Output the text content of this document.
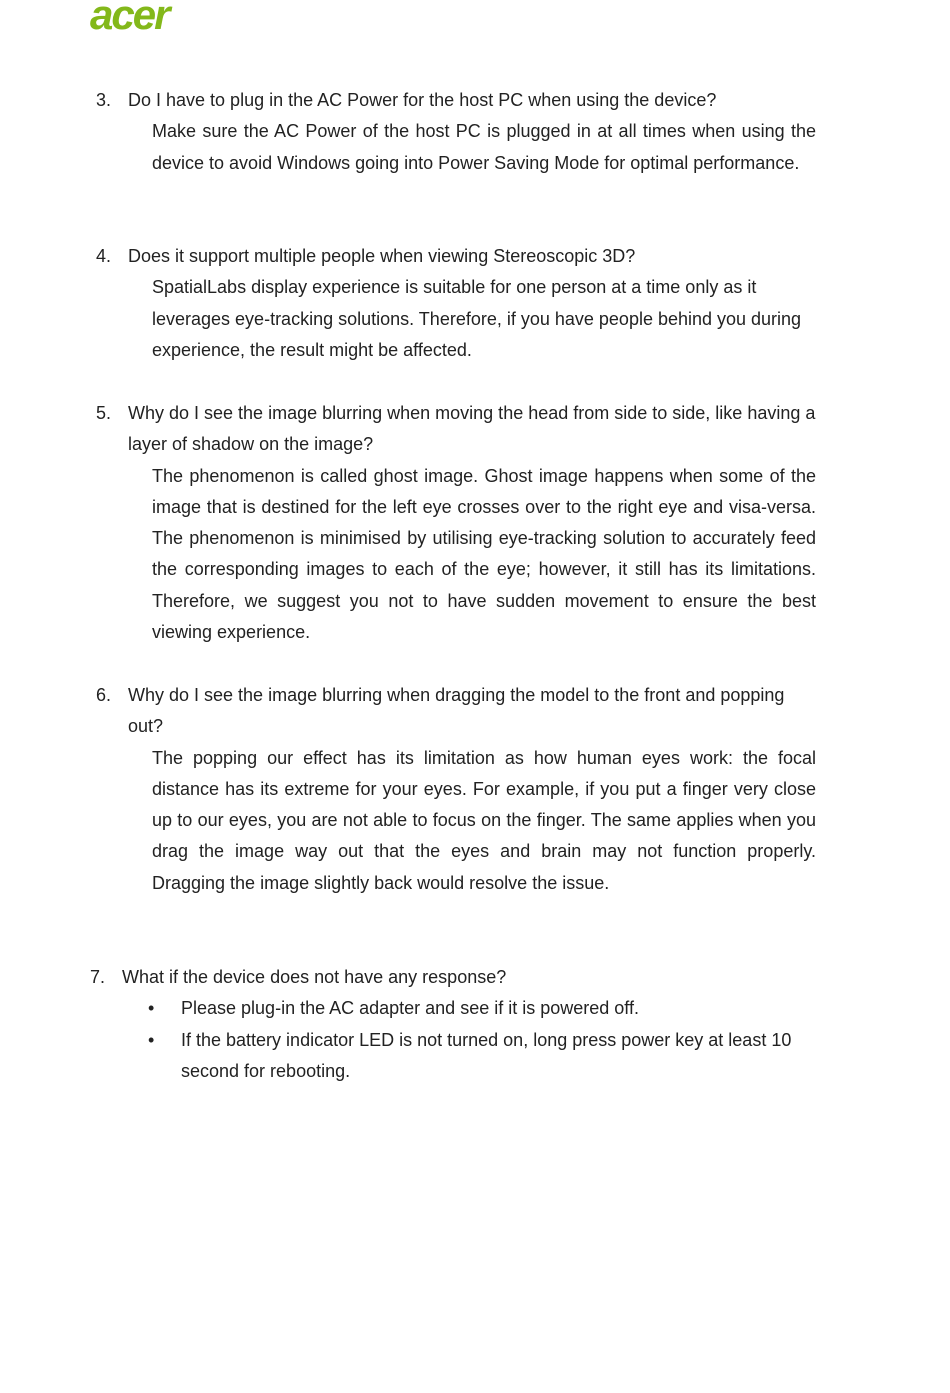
acer
3. Do I have to plug in the AC Power for the host PC when using the device?
Make sure the AC Power of the host PC is plugged in at all times when using the device to avoid Windows going into Power Saving Mode for optimal performance.
4. Does it support multiple people when viewing Stereoscopic 3D?
SpatialLabs display experience is suitable for one person at a time only as it leverages eye-tracking solutions. Therefore, if you have people behind you during experience, the result might be affected.
5. Why do I see the image blurring when moving the head from side to side, like having a layer of shadow on the image?
The phenomenon is called ghost image. Ghost image happens when some of the image that is destined for the left eye crosses over to the right eye and visa-versa. The phenomenon is minimised by utilising eye-tracking solution to accurately feed the corresponding images to each of the eye; however, it still has its limitations. Therefore, we suggest you not to have sudden movement to ensure the best viewing experience.
6. Why do I see the image blurring when dragging the model to the front and popping out?
The popping our effect has its limitation as how human eyes work: the focal distance has its extreme for your eyes. For example, if you put a finger very close up to our eyes, you are not able to focus on the finger. The same applies when you drag the image way out that the eyes and brain may not function properly. Dragging the image slightly back would resolve the issue.
7. What if the device does not have any response?
• Please plug-in the AC adapter and see if it is powered off.
• If the battery indicator LED is not turned on, long press power key at least 10 second for rebooting.
